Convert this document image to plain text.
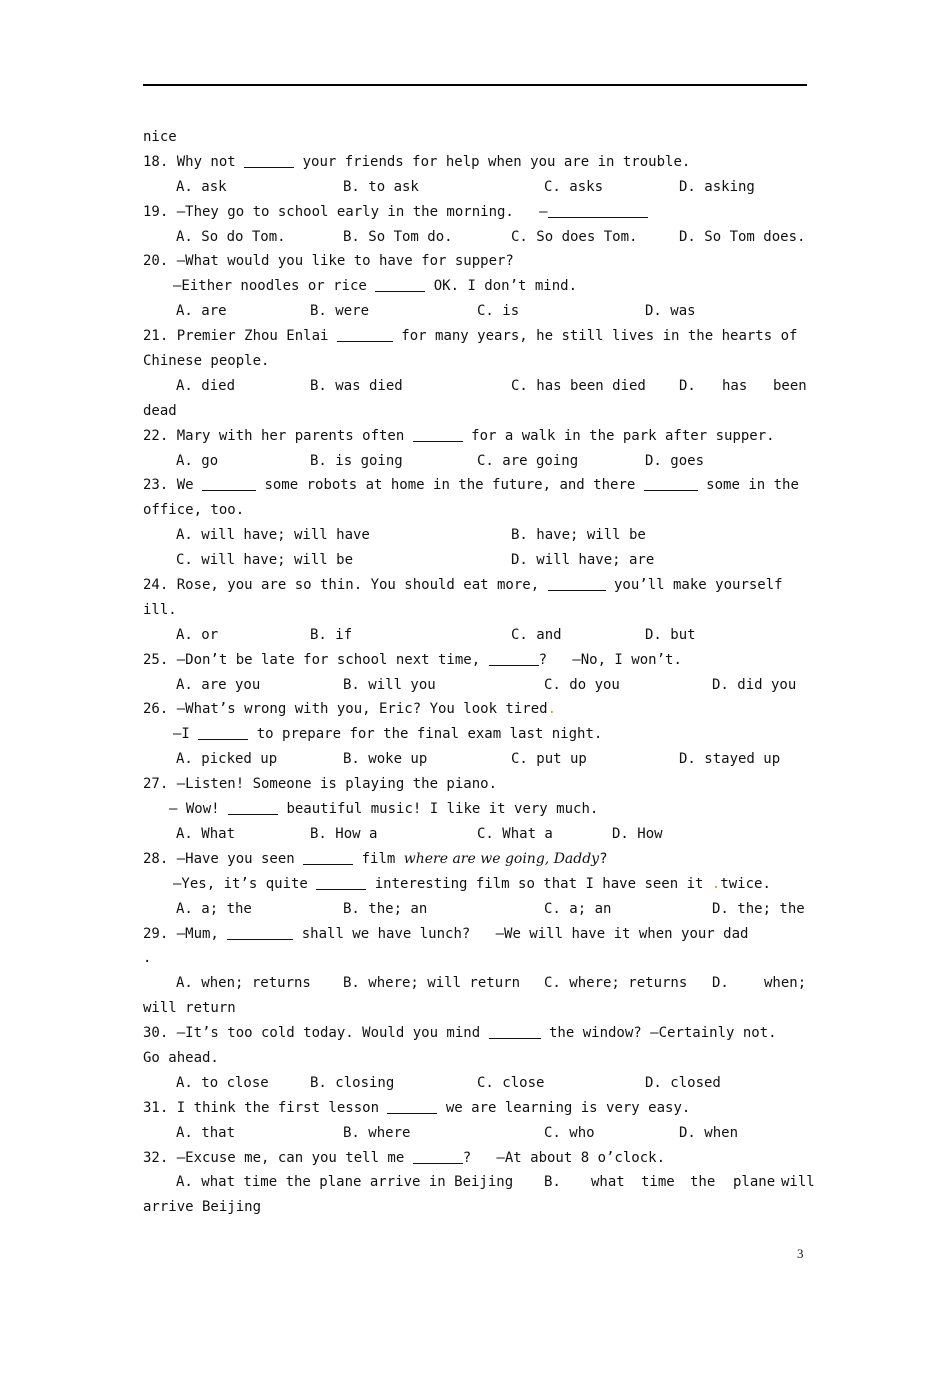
nice
18. Why not	your friends for help when you are in trouble.

A. ask

	B. to ask

	C. asks

	D. asking

19. —They go to school early in the morning.   —

A. So do Tom.

	B. So Tom do.

	C. So does Tom.

	D. So Tom does.

20. —What would you like to have for supper?
—Either noodles or rice	OK. I don’t mind.

A. are

	B. were

	C. is

	D. was

21. Premier Zhou Enlai	for many years, he still lives in the hearts of
Chinese people.

A. died

	B. was died

	C. has been died

D.

has

been

dead
22. Mary with her parents often	for a walk in the park after supper.

A. go

	B. is going

	C. are going

	D. goes

23. We	some robots at home in the future, and there	some in the
office, too.

A. will have; will have

	B. have; will be

C. will have; will be

	D. will have; are

24. Rose, you are so thin. You should eat more,	you’ll make yourself
ill.

A. or

	B. if

	C. and

	D. but

25. —Don’t be late for school next time,	?   —No, I won’t.

A. are you

	B. will you

	C. do you

	D. did you

26. —What’s wrong with you, Eric? You look tired.
—I	to prepare for the final exam last night.

A. picked up

	B. woke up

	C. put up

	D. stayed up

27. —Listen! Someone is playing the piano.
— Wow!	beautiful music! I like it very much.

A. What

	B. How a

	C. What a

	D. How

28. —Have you seen	film where are we going, Daddy?
—Yes, it’s quite	interesting film so that I have seen it .twice.

A. a; the

	B. the; an

	C. a; an

	D. the; the

29. —Mum,	shall we have lunch?   —We will have it when your dad
.

A. when; returns

B. where; will return

C. where; returns

D.

	when;

will return
30. —It’s too cold today. Would you mind	the window? —Certainly not.
Go ahead.

A. to close

	B. closing

	C. close

	D. closed

31. I think the first lesson	we are learning is very easy.

A. that

	B. where

	C. who

	D. when

32. —Excuse me, can you tell me	?   —At about 8 o’clock.

A. what time the plane arrive in Beijing

B.

what

time

the

plane

will

arrive Beijing
3
